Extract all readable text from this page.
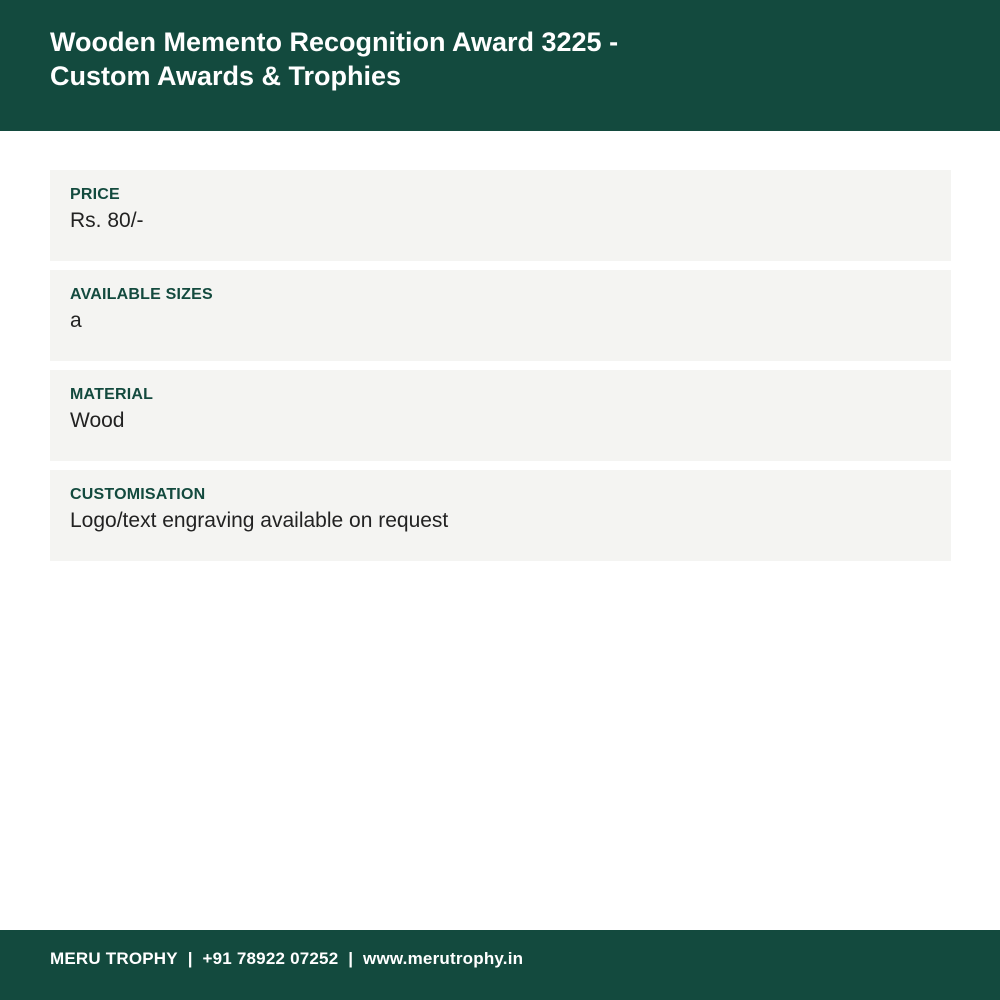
Wooden Memento Recognition Award 3225 - Custom Awards & Trophies
PRICE
Rs. 80/-
AVAILABLE SIZES
a
MATERIAL
Wood
CUSTOMISATION
Logo/text engraving available on request
MERU TROPHY
|
+91 78922 07252
|
www.merutrophy.in
